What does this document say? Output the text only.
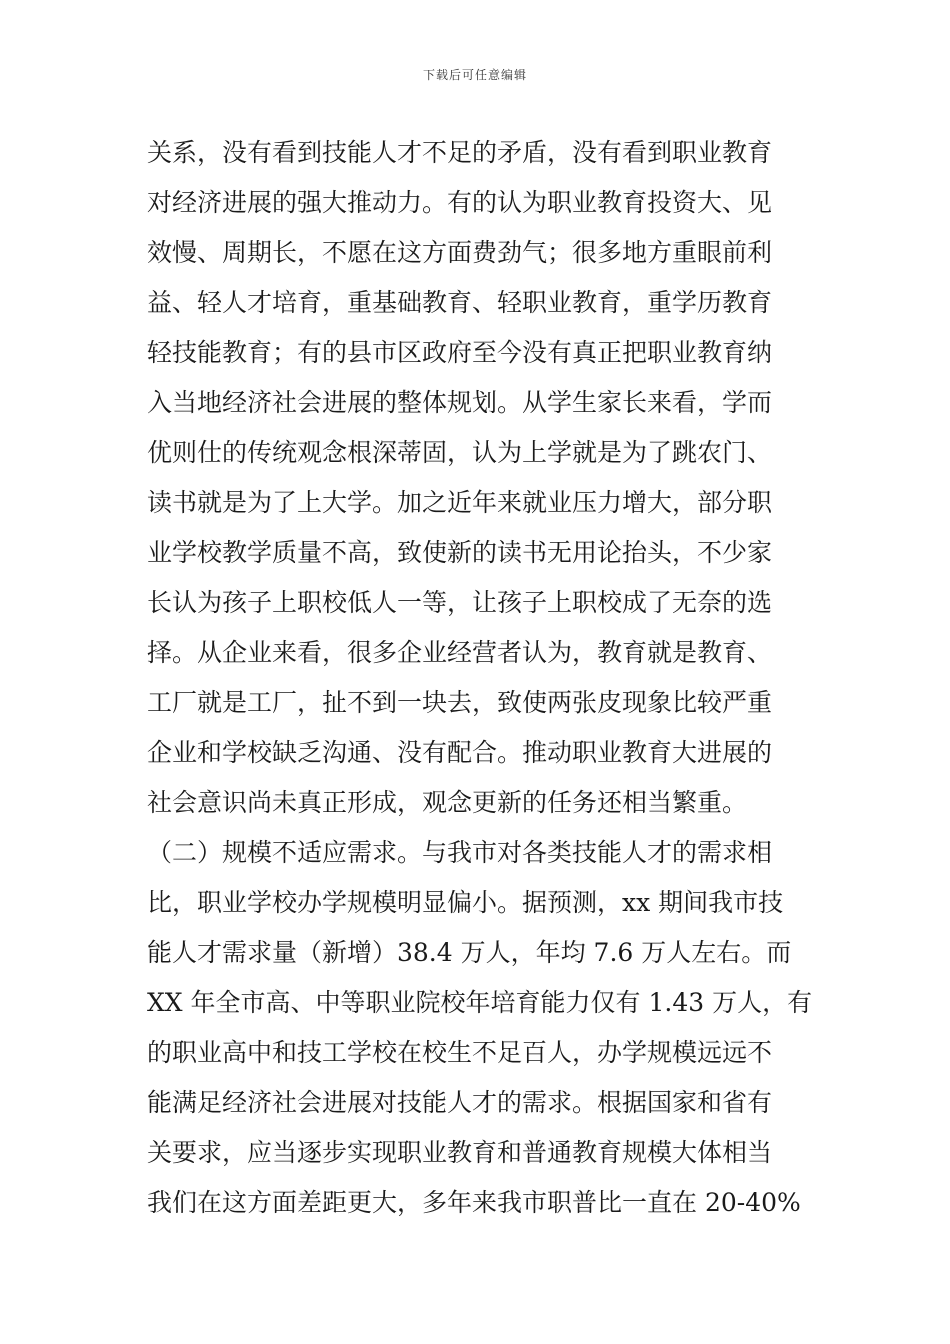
下载后可任意编辑
关系，没有看到技能人才不足的矛盾，没有看到职业教育
对经济进展的强大推动力。有的认为职业教育投资大、见
效慢、周期长，不愿在这方面费劲气；很多地方重眼前利
益、轻人才培育，重基础教育、轻职业教育，重学历教育
轻技能教育；有的县市区政府至今没有真正把职业教育纳
入当地经济社会进展的整体规划。从学生家长来看，学而
优则仕的传统观念根深蒂固，认为上学就是为了跳农门、
读书就是为了上大学。加之近年来就业压力增大，部分职
业学校教学质量不高，致使新的读书无用论抬头，不少家
长认为孩子上职校低人一等，让孩子上职校成了无奈的选
择。从企业来看，很多企业经营者认为，教育就是教育、
工厂就是工厂，扯不到一块去，致使两张皮现象比较严重
企业和学校缺乏沟通、没有配合。推动职业教育大进展的
社会意识尚未真正形成，观念更新的任务还相当繁重。
（二）规模不适应需求。与我市对各类技能人才的需求相
比，职业学校办学规模明显偏小。据预测，xx 期间我市技
能人才需求量（新增）38.4 万人，年均 7.6 万人左右。而
XX 年全市高、中等职业院校年培育能力仅有 1.43 万人，有
的职业高中和技工学校在校生不足百人，办学规模远远不
能满足经济社会进展对技能人才的需求。根据国家和省有
关要求，应当逐步实现职业教育和普通教育规模大体相当
我们在这方面差距更大，多年来我市职普比一直在 20-40%
